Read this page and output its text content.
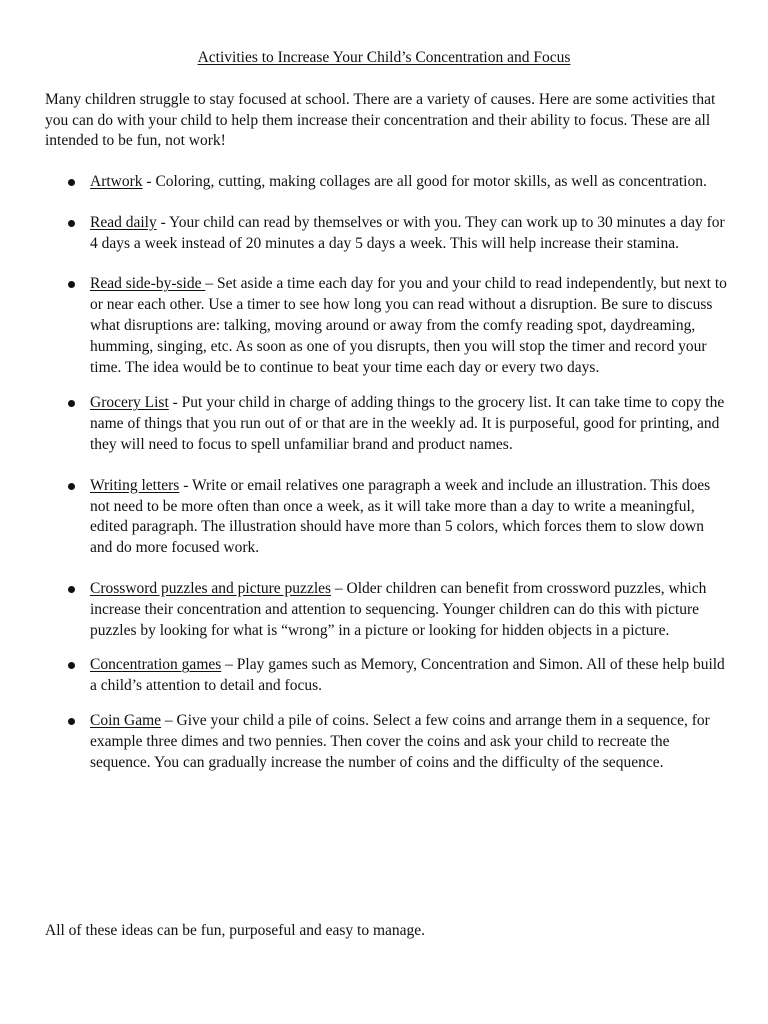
Activities to Increase Your Child’s Concentration and Focus

Many children struggle to stay focused at school. There are a variety of causes. Here are some activities that you can do with your child to help them increase their concentration and their ability to focus. These are all intended to be fun, not work!

Artwork - Coloring, cutting, making collages are all good for motor skills, as well as concentration.
Read daily - Your child can read by themselves or with you. They can work up to 30 minutes a day for 4 days a week instead of 20 minutes a day 5 days a week. This will help increase their stamina.
Read side-by-side – Set aside a time each day for you and your child to read independently, but next to or near each other. Use a timer to see how long you can read without a disruption. Be sure to discuss what disruptions are: talking, moving around or away from the comfy reading spot, daydreaming, humming, singing, etc. As soon as one of you disrupts, then you will stop the timer and record your time. The idea would be to continue to beat your time each day or every two days.
Grocery List - Put your child in charge of adding things to the grocery list. It can take time to copy the name of things that you run out of or that are in the weekly ad. It is purposeful, good for printing, and they will need to focus to spell unfamiliar brand and product names.
Writing letters - Write or email relatives one paragraph a week and include an illustration. This does not need to be more often than once a week, as it will take more than a day to write a meaningful, edited paragraph. The illustration should have more than 5 colors, which forces them to slow down and do more focused work.
Crossword puzzles and picture puzzles – Older children can benefit from crossword puzzles, which increase their concentration and attention to sequencing. Younger children can do this with picture puzzles by looking for what is “wrong” in a picture or looking for hidden objects in a picture.
Concentration games – Play games such as Memory, Concentration and Simon. All of these help build a child’s attention to detail and focus.
Coin Game – Give your child a pile of coins. Select a few coins and arrange them in a sequence, for example three dimes and two pennies. Then cover the coins and ask your child to recreate the sequence. You can gradually increase the number of coins and the difficulty of the sequence.

All of these ideas can be fun, purposeful and easy to manage.
